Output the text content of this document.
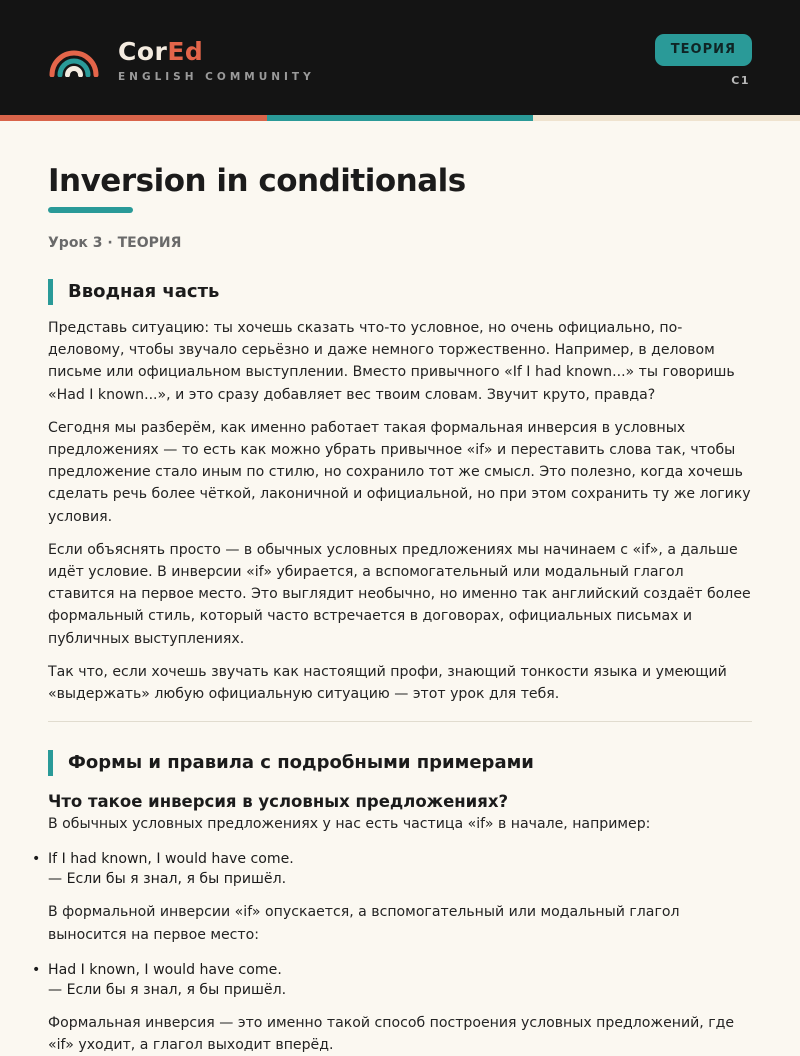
CorEd
ENGLISH COMMUNITY
ТЕОРИЯ
C1
Inversion in conditionals
Урок 3 · ТЕОРИЯ
Вводная часть

Представь ситуацию: ты хочешь сказать что-то условное, но очень официально, по-деловому, чтобы звучало серьёзно и даже немного торжественно. Например, в деловом письме или официальном выступлении. Вместо привычного «If I had known...» ты говоришь «Had I known...», и это сразу добавляет вес твоим словам. Звучит круто, правда?

Сегодня мы разберём, как именно работает такая формальная инверсия в условных предложениях — то есть как можно убрать привычное «if» и переставить слова так, чтобы предложение стало иным по стилю, но сохранило тот же смысл. Это полезно, когда хочешь сделать речь более чёткой, лаконичной и официальной, но при этом сохранить ту же логику условия.

Если объяснять просто — в обычных условных предложениях мы начинаем с «if», а дальше идёт условие. В инверсии «if» убирается, а вспомогательный или модальный глагол ставится на первое место. Это выглядит необычно, но именно так английский создаёт более формальный стиль, который часто встречается в договорах, официальных письмах и публичных выступлениях.

Так что, если хочешь звучать как настоящий профи, знающий тонкости языка и умеющий «выдержать» любую официальную ситуацию — этот урок для тебя.

Формы и правила с подробными примерами
Что такое инверсия в условных предложениях?

В обычных условных предложениях у нас есть частица «if» в начале, например:

• If I had known, I would have come.
— Если бы я знал, я бы пришёл.

В формальной инверсии «if» опускается, а вспомогательный или модальный глагол выносится на первое место:

• Had I known, I would have come.
— Если бы я знал, я бы пришёл.

Формальная инверсия — это именно такой способ построения условных предложений, где «if» уходит, а глагол выходит вперёд.
